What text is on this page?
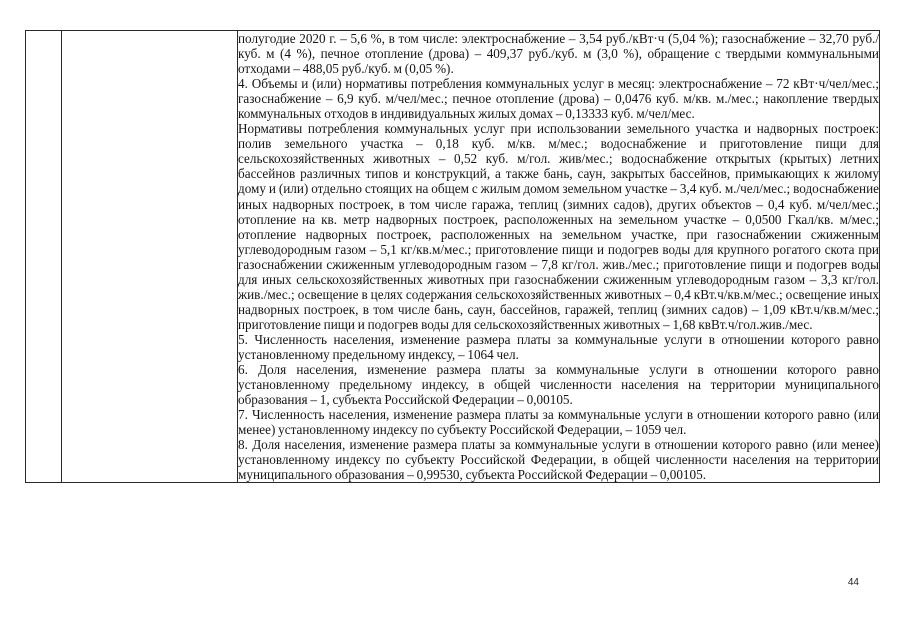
полугодие 2020 г. – 5,6 %, в том числе: электроснабжение – 3,54 руб./кВт·ч (5,04 %); газоснабжение – 32,70 руб./куб. м (4 %), печное отопление (дрова) – 409,37 руб./куб. м (3,0 %), обращение с твердыми коммунальными отходами – 488,05 руб./куб. м (0,05 %).

4. Объемы и (или) нормативы потребления коммунальных услуг в месяц: электроснабжение – 72 кВт·ч/чел/мес.; газоснабжение – 6,9 куб. м/чел/мес.; печное отопление (дрова) – 0,0476 куб. м/кв. м./мес.; накопление твердых коммунальных отходов в индивидуальных жилых домах – 0,13333 куб. м/чел/мес.

Нормативы потребления коммунальных услуг при использовании земельного участка и надворных построек: полив земельного участка – 0,18 куб. м/кв. м/мес.; водоснабжение и приготовление пищи для сельскохозяйственных животных – 0,52 куб. м/гол. жив/мес.; водоснабжение открытых (крытых) летних бассейнов различных типов и конструкций, а также бань, саун, закрытых бассейнов, примыкающих к жилому дому и (или) отдельно стоящих на общем с жилым домом земельном участке – 3,4 куб. м./чел/мес.; водоснабжение иных надворных построек, в том числе гаража, теплиц (зимних садов), других объектов – 0,4 куб. м/чел/мес.; отопление на кв. метр надворных построек, расположенных на земельном участке – 0,0500 Гкал/кв. м/мес.; отопление надворных построек, расположенных на земельном участке, при газоснабжении сжиженным углеводородным газом – 5,1 кг/кв.м/мес.; приготовление пищи и подогрев воды для крупного рогатого скота при газоснабжении сжиженным углеводородным газом – 7,8 кг/гол. жив./мес.; приготовление пищи и подогрев воды для иных сельскохозяйственных животных при газоснабжении сжиженным углеводородным газом – 3,3 кг/гол. жив./мес.; освещение в целях содержания сельскохозяйственных животных – 0,4 кВт.ч/кв.м/мес.; освещение иных надворных построек, в том числе бань, саун, бассейнов, гаражей, теплиц (зимних садов) – 1,09 кВт.ч/кв.м/мес.; приготовление пищи и подогрев воды для сельскохозяйственных животных – 1,68 квВт.ч/гол.жив./мес.

5. Численность населения, изменение размера платы за коммунальные услуги в отношении которого равно установленному предельному индексу, – 1064 чел.

6. Доля населения, изменение размера платы за коммунальные услуги в отношении которого равно установленному предельному индексу, в общей численности населения на территории муниципального образования – 1, субъекта Российской Федерации – 0,00105.

7. Численность населения, изменение размера платы за коммунальные услуги в отношении которого равно (или менее) установленному индексу по субъекту Российской Федерации, – 1059 чел.

8. Доля населения, изменение размера платы за коммунальные услуги в отношении которого равно (или менее) установленному индексу по субъекту Российской Федерации, в общей численности населения на территории муниципального образования – 0,99530, субъекта Российской Федерации – 0,00105.

44
